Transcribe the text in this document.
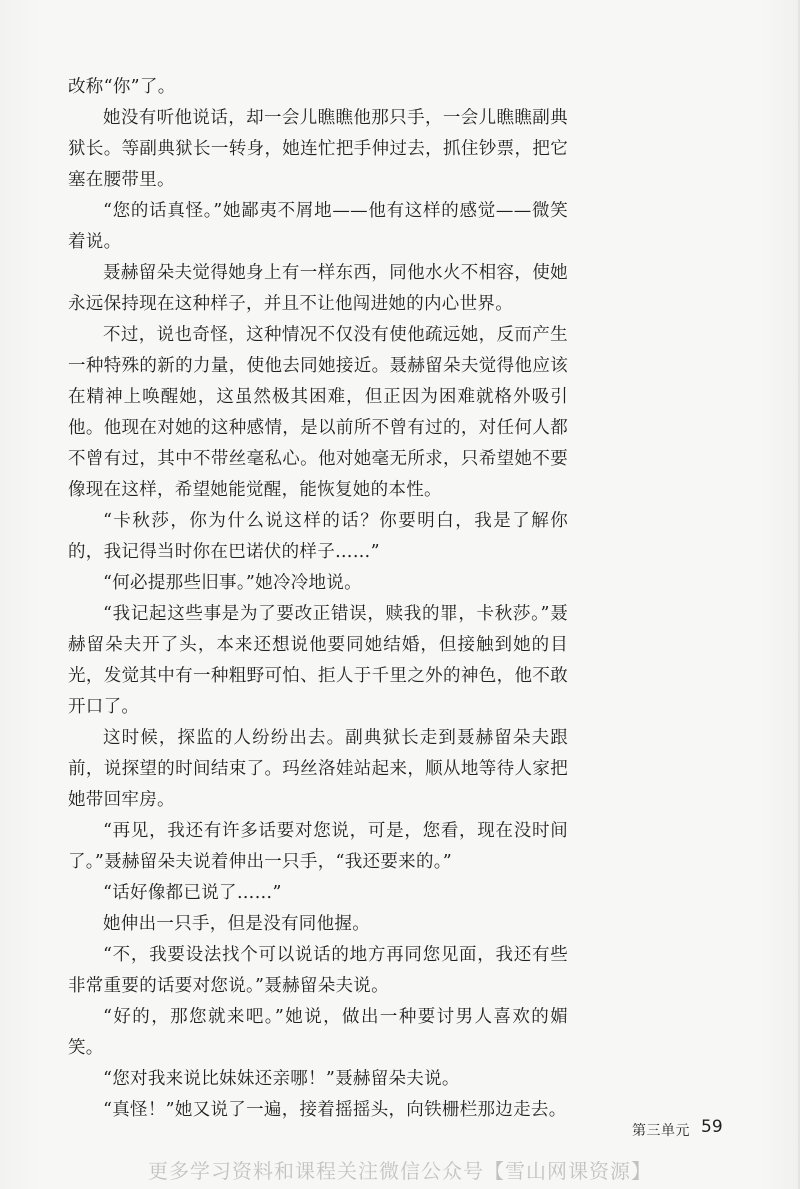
改称“你”了。

她没有听他说话，却一会儿瞧瞧他那只手，一会儿瞧瞧副典狱长。等副典狱长一转身，她连忙把手伸过去，抓住钞票，把它塞在腰带里。

“您的话真怪。”她鄙夷不屑地——他有这样的感觉——微笑着说。

聂赫留朵夫觉得她身上有一样东西，同他水火不相容，使她永远保持现在这种样子，并且不让他闯进她的内心世界。

不过，说也奇怪，这种情况不仅没有使他疏远她，反而产生一种特殊的新的力量，使他去同她接近。聂赫留朵夫觉得他应该在精神上唤醒她，这虽然极其困难，但正因为困难就格外吸引他。他现在对她的这种感情，是以前所不曾有过的，对任何人都不曾有过，其中不带丝毫私心。他对她毫无所求，只希望她不要像现在这样，希望她能觉醒，能恢复她的本性。

“卡秋莎，你为什么说这样的话？你要明白，我是了解你的，我记得当时你在巴诺伏的样子……”

“何必提那些旧事。”她冷冷地说。

“我记起这些事是为了要改正错误，赎我的罪，卡秋莎。”聂赫留朵夫开了头，本来还想说他要同她结婚，但接触到她的目光，发觉其中有一种粗野可怕、拒人于千里之外的神色，他不敢开口了。

这时候，探监的人纷纷出去。副典狱长走到聂赫留朵夫跟前，说探望的时间结束了。玛丝洛娃站起来，顺从地等待人家把她带回牢房。

“再见，我还有许多话要对您说，可是，您看，现在没时间了。”聂赫留朵夫说着伸出一只手，“我还要来的。”

“话好像都已说了……”

她伸出一只手，但是没有同他握。

“不，我要设法找个可以说话的地方再同您见面，我还有些非常重要的话要对您说。”聂赫留朵夫说。

“好的，那您就来吧。”她说，做出一种要讨男人喜欢的媚笑。

“您对我来说比妹妹还亲哪！”聂赫留朵夫说。

“真怪！”她又说了一遍，接着摇摇头，向铁栅栏那边走去。

第三单元 59
更多学习资料和课程关注微信公众号【雪山网课资源】
